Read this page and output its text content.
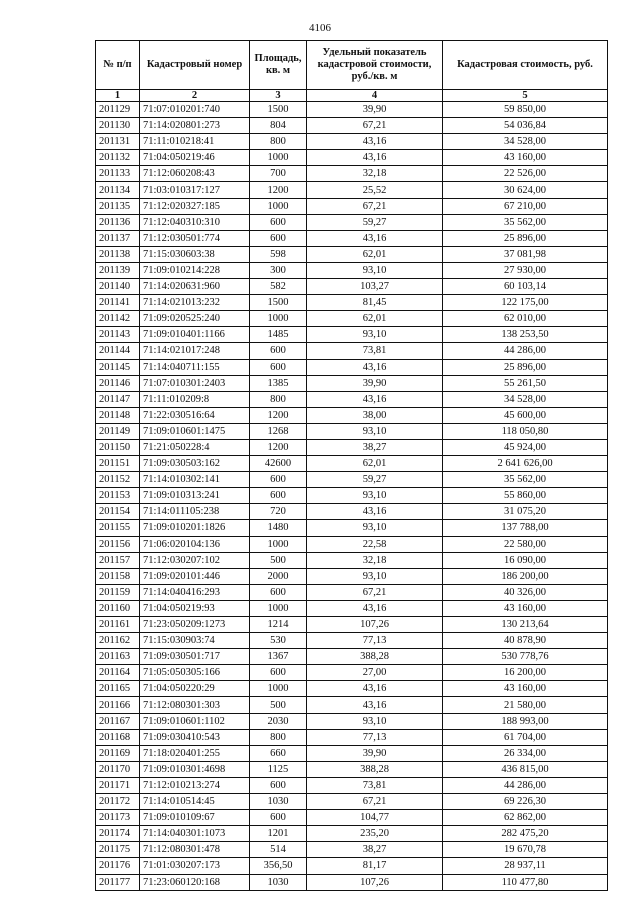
4106
№ п/п	Кадастровый номер	Площадь, кв. м	Удельный показатель кадастровой стоимости, руб./кв. м	Кадастровая стоимость, руб.
1	2	3	4	5
201129	71:07:010201:740	1500	39,90	59 850,00
201130	71:14:020801:273	804	67,21	54 036,84
201131	71:11:010218:41	800	43,16	34 528,00
201132	71:04:050219:46	1000	43,16	43 160,00
201133	71:12:060208:43	700	32,18	22 526,00
201134	71:03:010317:127	1200	25,52	30 624,00
201135	71:12:020327:185	1000	67,21	67 210,00
201136	71:12:040310:310	600	59,27	35 562,00
201137	71:12:030501:774	600	43,16	25 896,00
201138	71:15:030603:38	598	62,01	37 081,98
201139	71:09:010214:228	300	93,10	27 930,00
201140	71:14:020631:960	582	103,27	60 103,14
201141	71:14:021013:232	1500	81,45	122 175,00
201142	71:09:020525:240	1000	62,01	62 010,00
201143	71:09:010401:1166	1485	93,10	138 253,50
201144	71:14:021017:248	600	73,81	44 286,00
201145	71:14:040711:155	600	43,16	25 896,00
201146	71:07:010301:2403	1385	39,90	55 261,50
201147	71:11:010209:8	800	43,16	34 528,00
201148	71:22:030516:64	1200	38,00	45 600,00
201149	71:09:010601:1475	1268	93,10	118 050,80
201150	71:21:050228:4	1200	38,27	45 924,00
201151	71:09:030503:162	42600	62,01	2 641 626,00
201152	71:14:010302:141	600	59,27	35 562,00
201153	71:09:010313:241	600	93,10	55 860,00
201154	71:14:011105:238	720	43,16	31 075,20
201155	71:09:010201:1826	1480	93,10	137 788,00
201156	71:06:020104:136	1000	22,58	22 580,00
201157	71:12:030207:102	500	32,18	16 090,00
201158	71:09:020101:446	2000	93,10	186 200,00
201159	71:14:040416:293	600	67,21	40 326,00
201160	71:04:050219:93	1000	43,16	43 160,00
201161	71:23:050209:1273	1214	107,26	130 213,64
201162	71:15:030903:74	530	77,13	40 878,90
201163	71:09:030501:717	1367	388,28	530 778,76
201164	71:05:050305:166	600	27,00	16 200,00
201165	71:04:050220:29	1000	43,16	43 160,00
201166	71:12:080301:303	500	43,16	21 580,00
201167	71:09:010601:1102	2030	93,10	188 993,00
201168	71:09:030410:543	800	77,13	61 704,00
201169	71:18:020401:255	660	39,90	26 334,00
201170	71:09:010301:4698	1125	388,28	436 815,00
201171	71:12:010213:274	600	73,81	44 286,00
201172	71:14:010514:45	1030	67,21	69 226,30
201173	71:09:010109:67	600	104,77	62 862,00
201174	71:14:040301:1073	1201	235,20	282 475,20
201175	71:12:080301:478	514	38,27	19 670,78
201176	71:01:030207:173	356,50	81,17	28 937,11
201177	71:23:060120:168	1030	107,26	110 477,80
